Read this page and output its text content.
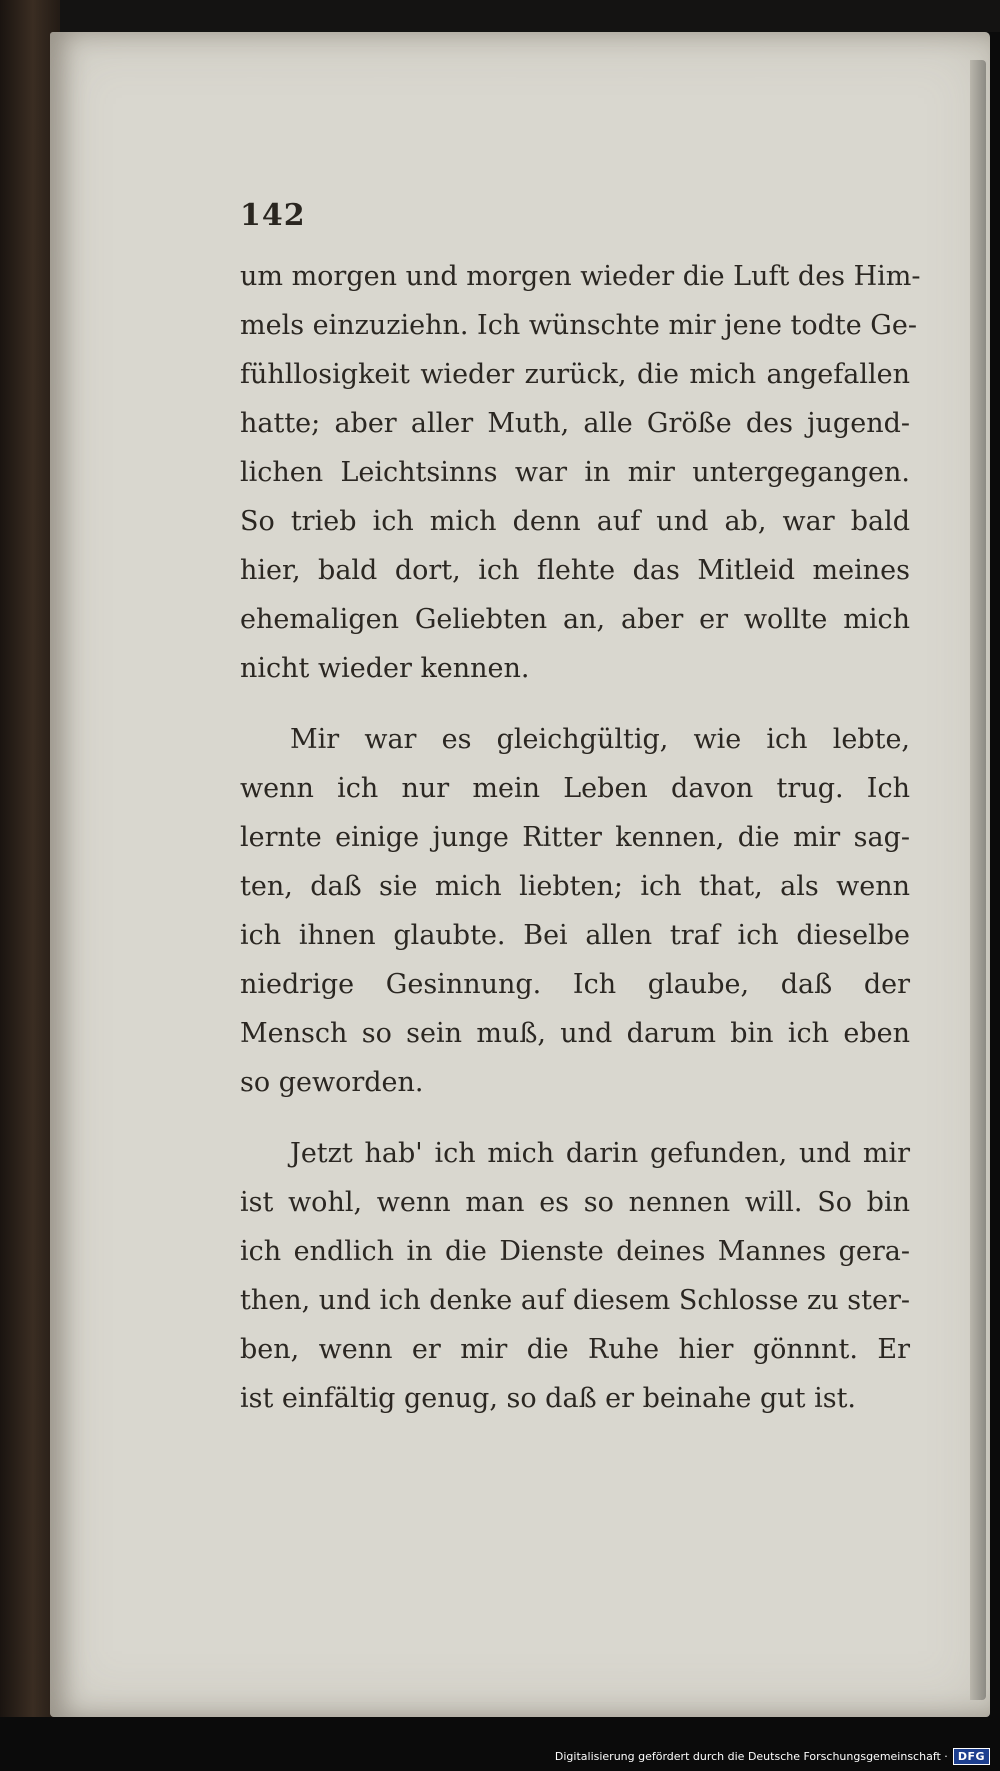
142
um morgen und morgen wieder die Luft des Him-
mels einzuziehn. Ich wünschte mir jene todte Ge-
fühllosigkeit wieder zurück, die mich angefallen
hatte; aber aller Muth, alle Größe des jugend-
lichen Leichtsinns war in mir untergegangen.
So trieb ich mich denn auf und ab, war bald
hier, bald dort, ich flehte das Mitleid meines
ehemaligen Geliebten an, aber er wollte mich
nicht wieder kennen.
Mir war es gleichgültig, wie ich lebte,
wenn ich nur mein Leben davon trug. Ich
lernte einige junge Ritter kennen, die mir sag-
ten, daß sie mich liebten; ich that, als wenn
ich ihnen glaubte. Bei allen traf ich dieselbe
niedrige Gesinnung. Ich glaube, daß der
Mensch so sein muß, und darum bin ich eben
so geworden.
Jetzt hab' ich mich darin gefunden, und mir
ist wohl, wenn man es so nennen will. So bin
ich endlich in die Dienste deines Mannes gera-
then, und ich denke auf diesem Schlosse zu ster-
ben, wenn er mir die Ruhe hier gönnnt. Er
ist einfältig genug, so daß er beinahe gut ist.
Digitalisierung gefördert durch die Deutsche Forschungsgemeinschaft · DFG
